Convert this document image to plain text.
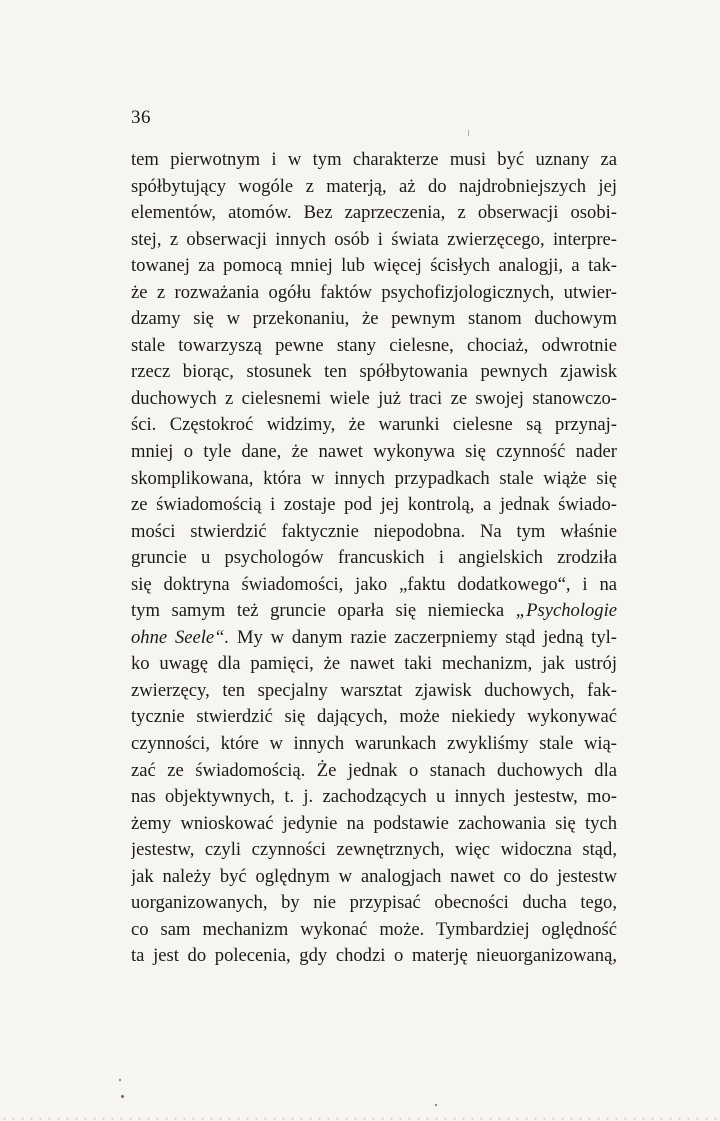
36
tem pierwotnym i w tym charakterze musi być uznany za
spółbytujący wogóle z materją, aż do najdrobniejszych jej
elementów, atomów. Bez zaprzeczenia, z obserwacji osobi-
stej, z obserwacji innych osób i świata zwierzęcego, interpre-
towanej za pomocą mniej lub więcej ścisłych analogji, a tak-
że z rozważania ogółu faktów psychofizjologicznych, utwier-
dzamy się w przekonaniu, że pewnym stanom duchowym
stale towarzyszą pewne stany cielesne, chociaż, odwrotnie
rzecz biorąc, stosunek ten spółbytowania pewnych zjawisk
duchowych z cielesnemi wiele już traci ze swojej stanowczo-
ści. Częstokroć widzimy, że warunki cielesne są przynaj-
mniej o tyle dane, że nawet wykonywa się czynność nader
skomplikowana, która w innych przypadkach stale wiąże się
ze świadomością i zostaje pod jej kontrolą, a jednak świado-
mości stwierdzić faktycznie niepodobna. Na tym właśnie
gruncie u psychologów francuskich i angielskich zrodziła
się doktryna świadomości, jako „faktu dodatkowego“, i na
tym samym też gruncie oparła się niemiecka „Psychologie
ohne Seele“. My w danym razie zaczerpniemy stąd jedną tyl-
ko uwagę dla pamięci, że nawet taki mechanizm, jak ustrój
zwierzęcy, ten specjalny warsztat zjawisk duchowych, fak-
tycznie stwierdzić się dających, może niekiedy wykonywać
czynności, które w innych warunkach zwykliśmy stale wią-
zać ze świadomością. Że jednak o stanach duchowych dla
nas objektywnych, t. j. zachodzących u innych jestestw, mo-
żemy wnioskować jedynie na podstawie zachowania się tych
jestestw, czyli czynności zewnętrznych, więc widoczna stąd,
jak należy być oględnym w analogjach nawet co do jestestw
uorganizowanych, by nie przypisać obecności ducha tego,
co sam mechanizm wykonać może. Tymbardziej oględność
ta jest do polecenia, gdy chodzi o materję nieuorganizowaną,
